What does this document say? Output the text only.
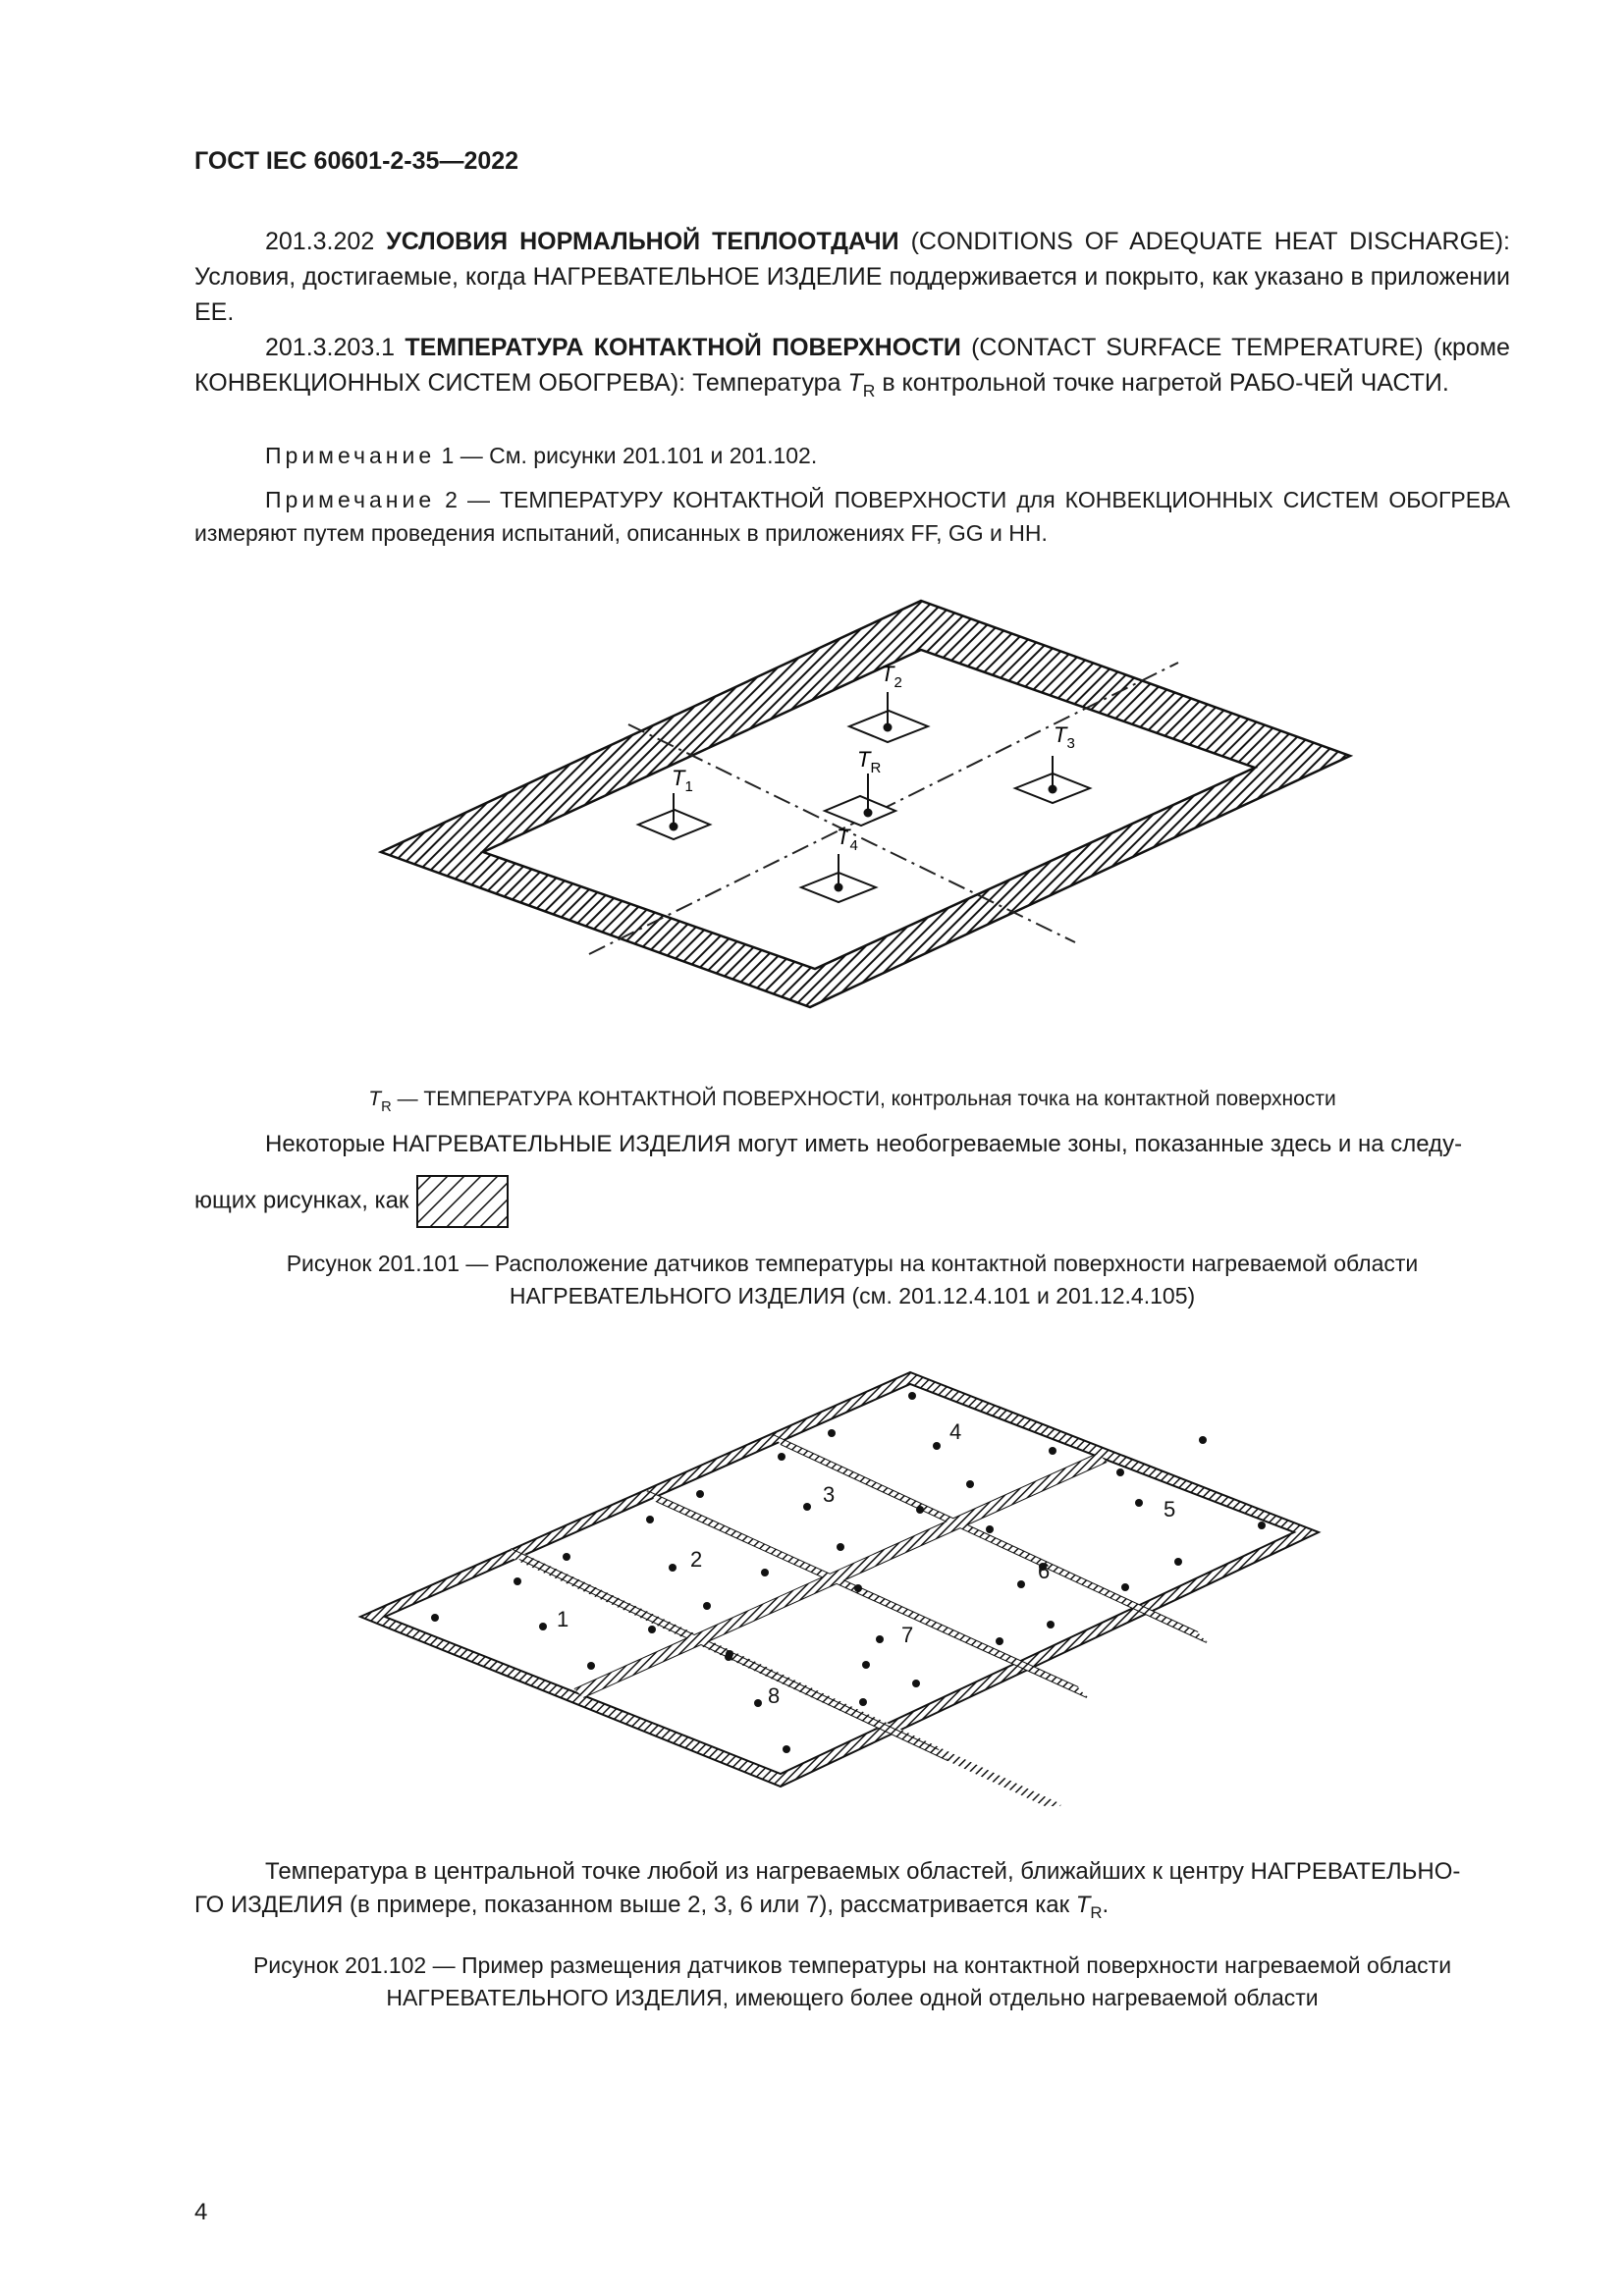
ГОСТ IEC 60601-2-35—2022
201.3.202 УСЛОВИЯ НОРМАЛЬНОЙ ТЕПЛООТДАЧИ (CONDITIONS OF ADEQUATE HEAT DISCHARGE): Условия, достигаемые, когда НАГРЕВАТЕЛЬНОЕ ИЗДЕЛИЕ поддерживается и покрыто, как указано в приложении ЕЕ.
201.3.203.1 ТЕМПЕРАТУРА КОНТАКТНОЙ ПОВЕРХНОСТИ (CONTACT SURFACE TEMPERATURE) (кроме КОНВЕКЦИОННЫХ СИСТЕМ ОБОГРЕВА): Температура $T_R$ в контрольной точке нагретой РАБО-ЧЕЙ ЧАСТИ.
Примечание 1 — См. рисунки 201.101 и 201.102.
Примечание 2 — ТЕМПЕРАТУРУ КОНТАКТНОЙ ПОВЕРХНОСТИ для КОНВЕКЦИОННЫХ СИСТЕМ ОБОГРЕВА измеряют путем проведения испытаний, описанных в приложениях FF, GG и НН.
$T_1$
$T_2$
$T_3$
$T_R$
$T_4$
$T_R$ — ТЕМПЕРАТУРА КОНТАКТНОЙ ПОВЕРХНОСТИ, контрольная точка на контактной поверхности
Некоторые НАГРЕВАТЕЛЬНЫЕ ИЗДЕЛИЯ могут иметь необогреваемые зоны, показанные здесь и на следу-
ющих рисунках, как
Рисунок 201.101 — Расположение датчиков температуры на контактной поверхности нагреваемой области
НАГРЕВАТЕЛЬНОГО ИЗДЕЛИЯ (см. 201.12.4.101 и 201.12.4.105)
1
2
3
4
5
6
7
8
Температура в центральной точке любой из нагреваемых областей, ближайших к центру НАГРЕВАТЕЛЬНО-
ГО ИЗДЕЛИЯ (в примере, показанном выше 2, 3, 6 или 7), рассматривается как $T_R$.
Рисунок 201.102 — Пример размещения датчиков температуры на контактной поверхности нагреваемой области
НАГРЕВАТЕЛЬНОГО ИЗДЕЛИЯ, имеющего более одной отдельно нагреваемой области
4
